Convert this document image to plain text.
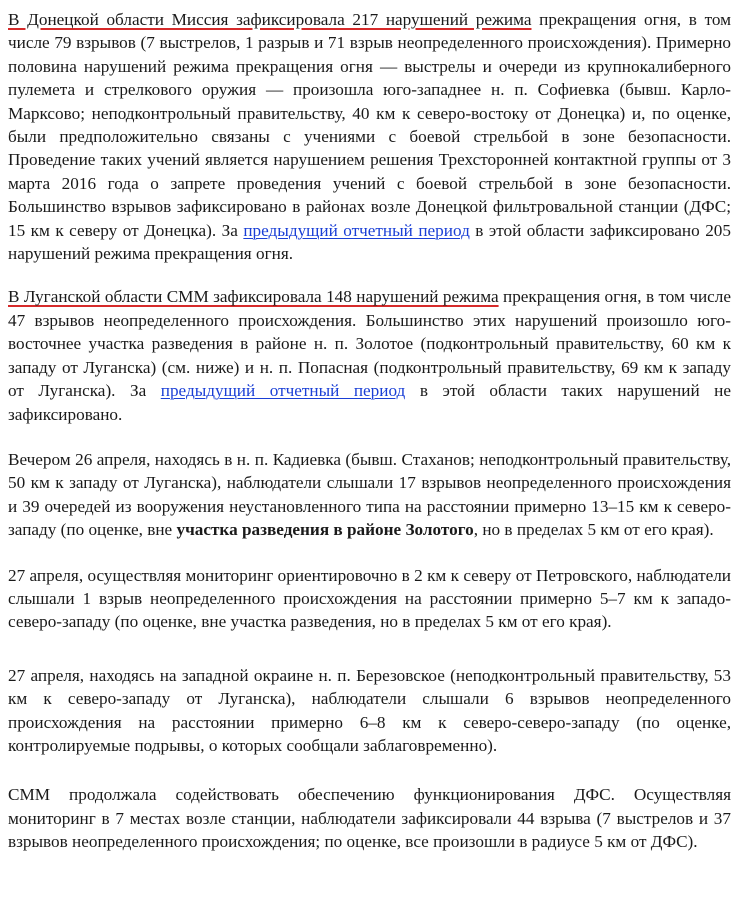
В Донецкой области Миссия зафиксировала 217 нарушений режима прекращения огня, в том числе 79 взрывов (7 выстрелов, 1 разрыв и 71 взрыв неопределенного происхождения). Примерно половина нарушений режима прекращения огня — выстрелы и очереди из крупнокалиберного пулемета и стрелкового оружия — произошла юго-западнее н. п. Софиевка (бывш. Карло-Марксово; неподконтрольный правительству, 40 км к северо-востоку от Донецка) и, по оценке, были предположительно связаны с учениями с боевой стрельбой в зоне безопасности. Проведение таких учений является нарушением решения Трехсторонней контактной группы от 3 марта 2016 года о запрете проведения учений с боевой стрельбой в зоне безопасности. Большинство взрывов зафиксировано в районах возле Донецкой фильтровальной станции (ДФС; 15 км к северу от Донецка). За предыдущий отчетный период в этой области зафиксировано 205 нарушений режима прекращения огня.

В Луганской области СММ зафиксировала 148 нарушений режима прекращения огня, в том числе 47 взрывов неопределенного происхождения. Большинство этих нарушений произошло юго-восточнее участка разведения в районе н. п. Золотое (подконтрольный правительству, 60 км к западу от Луганска) (см. ниже) и н. п. Попасная (подконтрольный правительству, 69 км к западу от Луганска). За предыдущий отчетный период в этой области таких нарушений не зафиксировано.

Вечером 26 апреля, находясь в н. п. Кадиевка (бывш. Стаханов; неподконтрольный правительству, 50 км к западу от Луганска), наблюдатели слышали 17 взрывов неопределенного происхождения и 39 очередей из вооружения неустановленного типа на расстоянии примерно 13–15 км к северо-западу (по оценке, вне участка разведения в районе Золотого, но в пределах 5 км от его края).

27 апреля, осуществляя мониторинг ориентировочно в 2 км к северу от Петровского, наблюдатели слышали 1 взрыв неопределенного происхождения на расстоянии примерно 5–7 км к западо-северо-западу (по оценке, вне участка разведения, но в пределах 5 км от его края).

27 апреля, находясь на западной окраине н. п. Березовское (неподконтрольный правительству, 53 км к северо-западу от Луганска), наблюдатели слышали 6 взрывов неопределенного происхождения на расстоянии примерно 6–8 км к северо-северо-западу (по оценке, контролируемые подрывы, о которых сообщали заблаговременно).

СММ продолжала содействовать обеспечению функционирования ДФС. Осуществляя мониторинг в 7 местах возле станции, наблюдатели зафиксировали 44 взрыва (7 выстрелов и 37 взрывов неопределенного происхождения; по оценке, все произошли в радиусе 5 км от ДФС).
